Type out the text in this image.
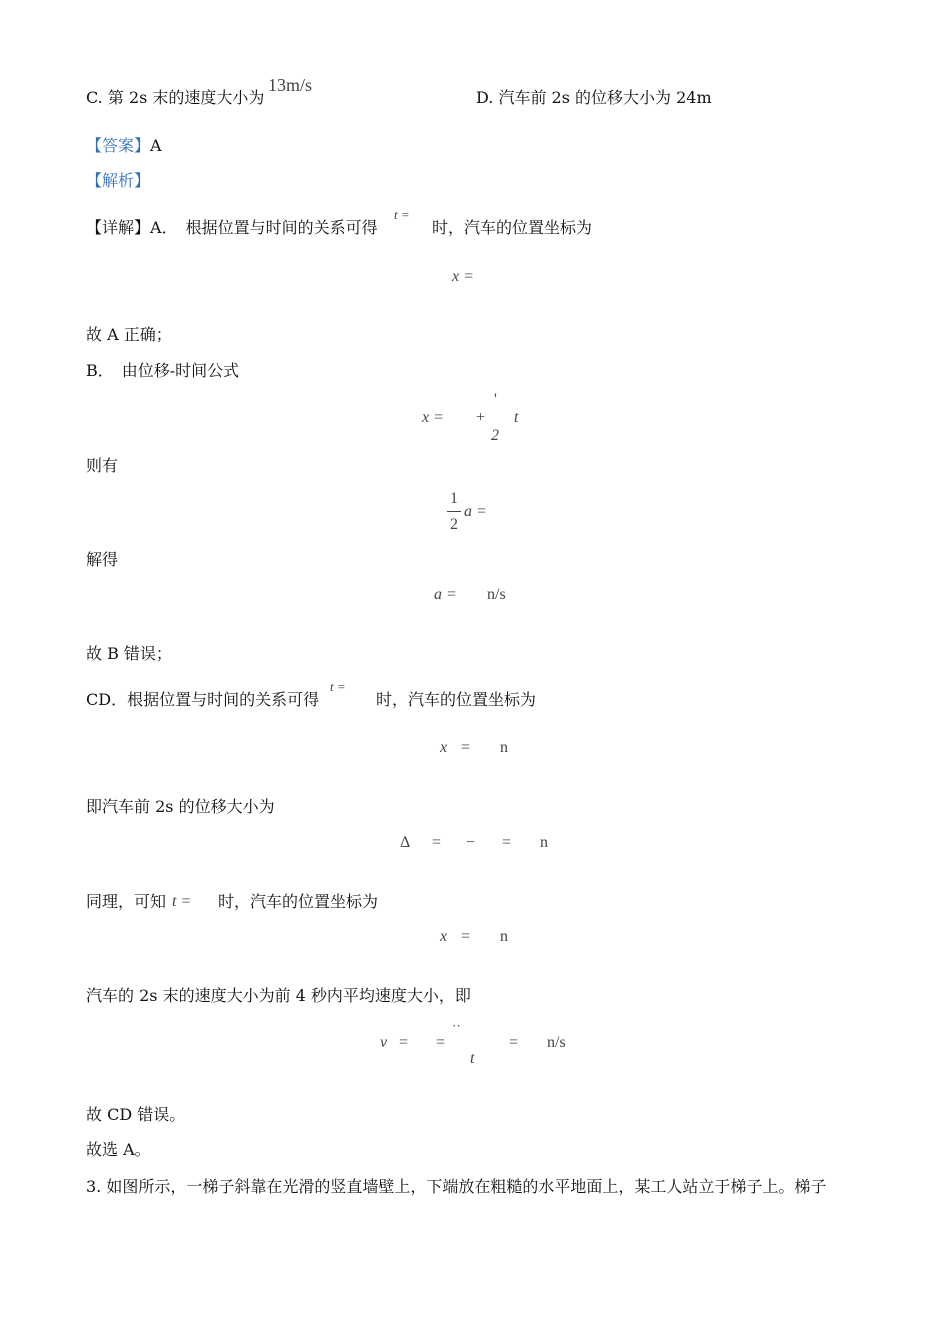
C. 第 2s 末的速度大小为
13m/s
D. 汽车前 2s 的位移大小为 24m
【答案】A
【解析】
【详解】A．　根据位置与时间的关系可得
t =
时，汽车的位置坐标为
x =
故 A 正确；
B．　由位移-时间公式
x = +
'
2
t
则有
1
2
a =
解得
a = n/s
故 B 错误；
CD．根据位置与时间的关系可得
t =
时，汽车的位置坐标为
x = n
即汽车前 2s 的位移大小为
Δ = − = n
同理，可知 t = 时，汽车的位置坐标为
x = n
汽车的 2s 末的速度大小为前 4 秒内平均速度大小，即
v = =
··
t
= n/s
故 CD 错误。
故选 A。
3. 如图所示，一梯子斜靠在光滑的竖直墙壁上，下端放在粗糙的水平地面上，某工人站立于梯子上。梯子
